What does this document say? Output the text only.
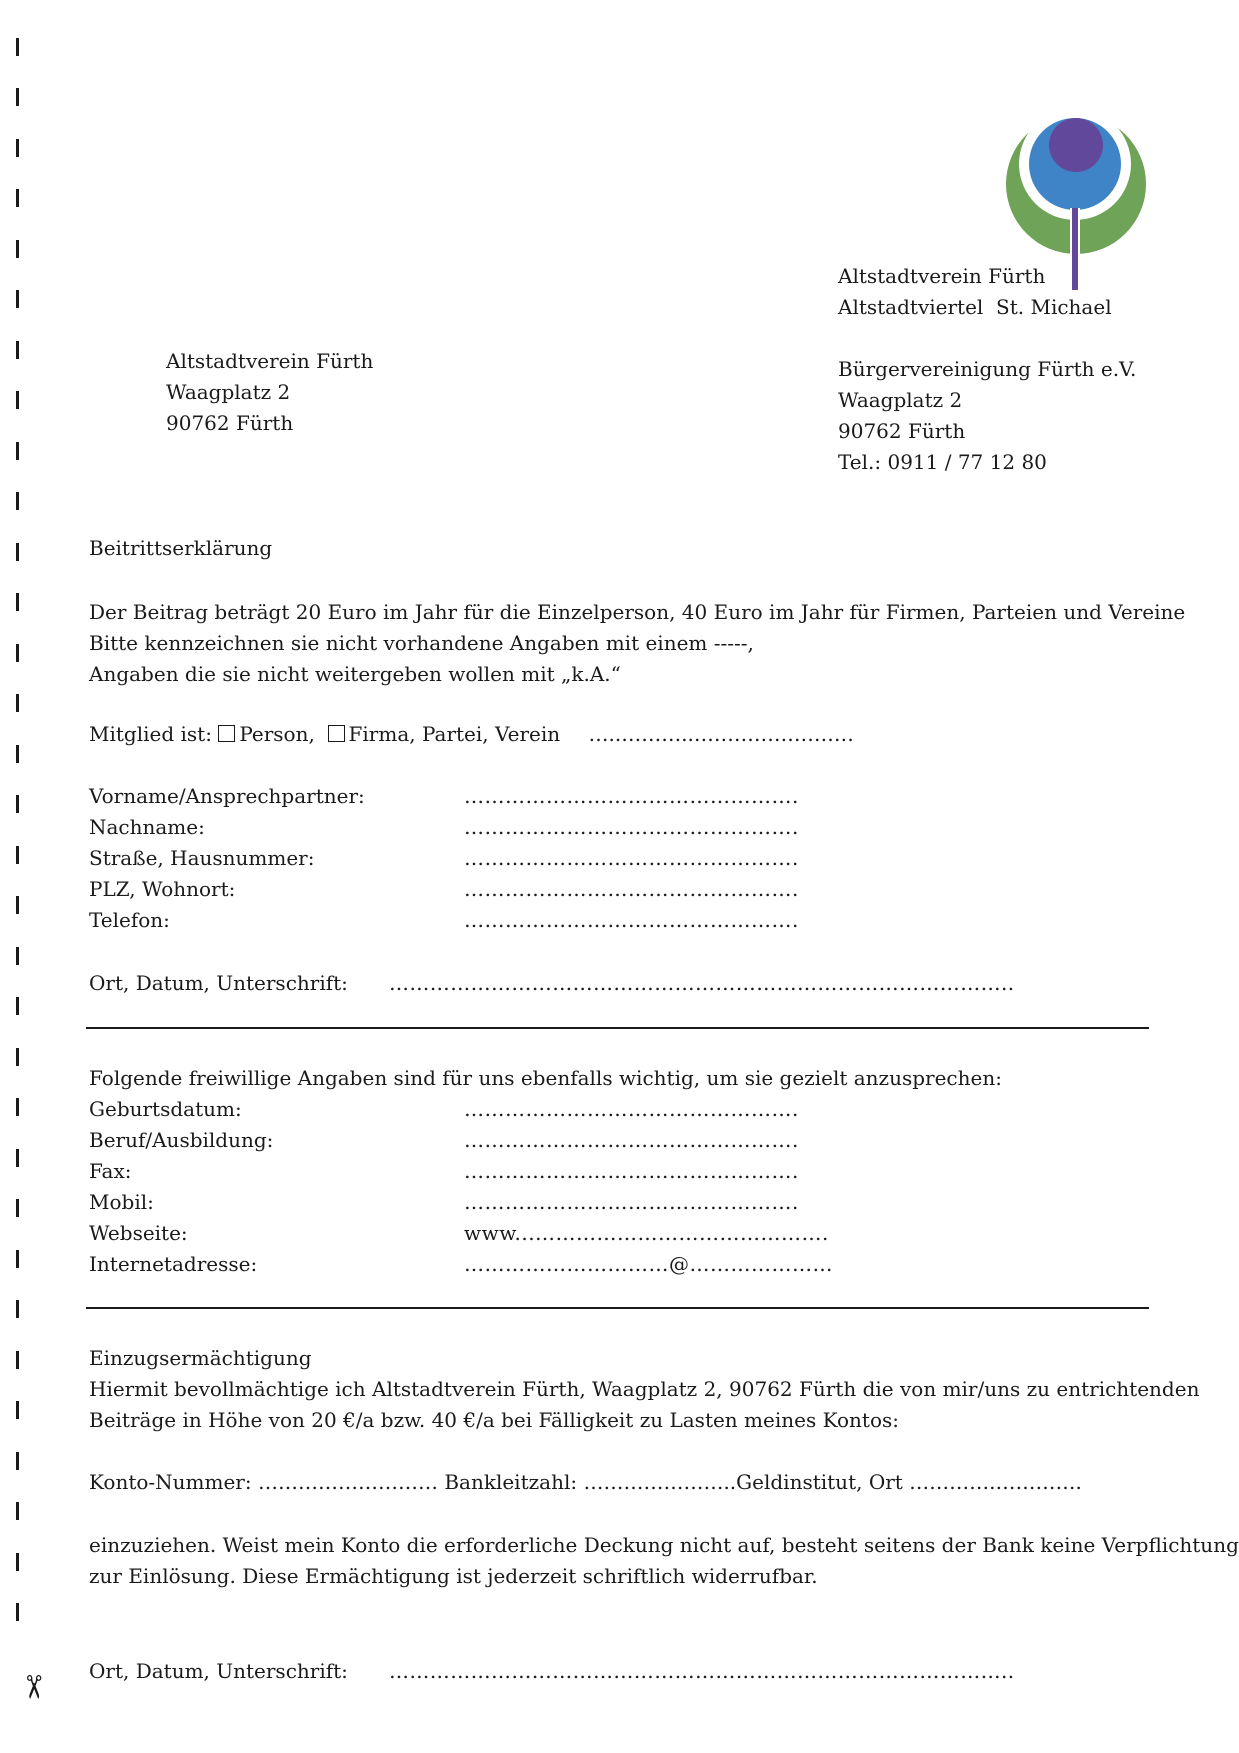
✂
Altstadtverein Fürth
Altstadtviertel  St. Michael
Bürgervereinigung Fürth e.V.
Waagplatz 2
90762 Fürth
Tel.: 0911 / 77 12 80
Altstadtverein Fürth
Waagplatz 2
90762 Fürth
Beitrittserklärung
Der Beitrag beträgt 20 Euro im Jahr für die Einzelperson, 40 Euro im Jahr für Firmen, Parteien und Vereine
Bitte kennzeichnen sie nicht vorhandene Angaben mit einem -----,
Angaben die sie nicht weitergeben wollen mit „k.A.“
Mitglied ist: Person, Firma, Partei, Verein …..………..……………………
Vorname/Ansprechpartner:	………………………………………….
Nachname:	………………………………………….
Straße, Hausnummer:	………………………………………….
PLZ, Wohnort:	………………………………………….
Telefon:	………………………………………….
Ort, Datum, Unterschrift: ………………………………………………………………………………..
Folgende freiwillige Angaben sind für uns ebenfalls wichtig, um sie gezielt anzusprechen:
Geburtsdatum:	………………………………………….
Beruf/Ausbildung:	………………………………………….
Fax:	………………………………………….
Mobil:	………………………………………….
Webseite:	www...…………………………………….
Internetadresse:	…………………………@…………………
Einzugsermächtigung
Hiermit bevollmächtige ich Altstadtverein Fürth, Waagplatz 2, 90762 Fürth die von mir/uns zu entrichtenden
Beiträge in Höhe von 20 €/a bzw. 40 €/a bei Fälligkeit zu Lasten meines Kontos:
Konto-Nummer: ……………………… Bankleitzahl: …………………..Geldinstitut, Ort ………….………….
einzuziehen. Weist mein Konto die erforderliche Deckung nicht auf, besteht seitens der Bank keine Verpflichtung
zur Einlösung. Diese Ermächtigung ist jederzeit schriftlich widerrufbar.
Ort, Datum, Unterschrift: ………………………………………………………………………………..
